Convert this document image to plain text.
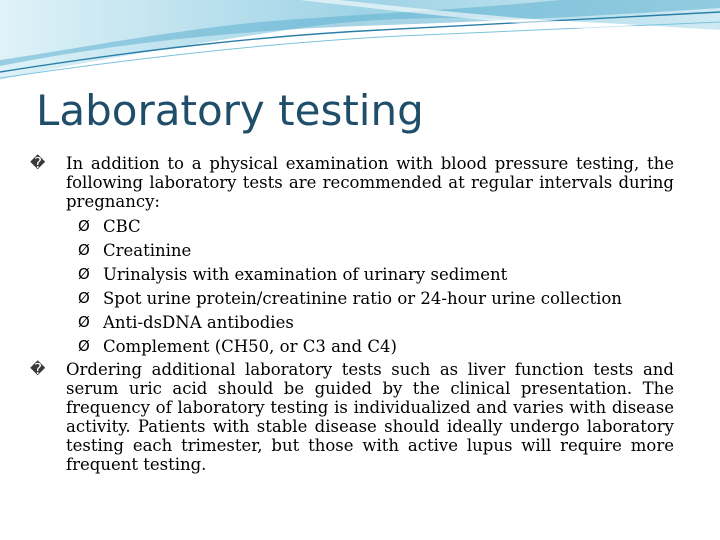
Laboratory testing
�	In addition to a physical examination with blood pressure testing, the following laboratory tests are recommended at regular intervals during pregnancy:
Ø CBC
Ø Creatinine
Ø Urinalysis with examination of urinary sediment
Ø Spot urine protein/creatinine ratio or 24-hour urine collection
Ø Anti-dsDNA antibodies
Ø Complement (CH50, or C3 and C4)
�	Ordering additional laboratory tests such as liver function tests and serum uric acid should be guided by the clinical presentation. The frequency of laboratory testing is individualized and varies with disease activity. Patients with stable disease should ideally undergo laboratory testing each trimester, but those with active lupus will require more frequent testing.
